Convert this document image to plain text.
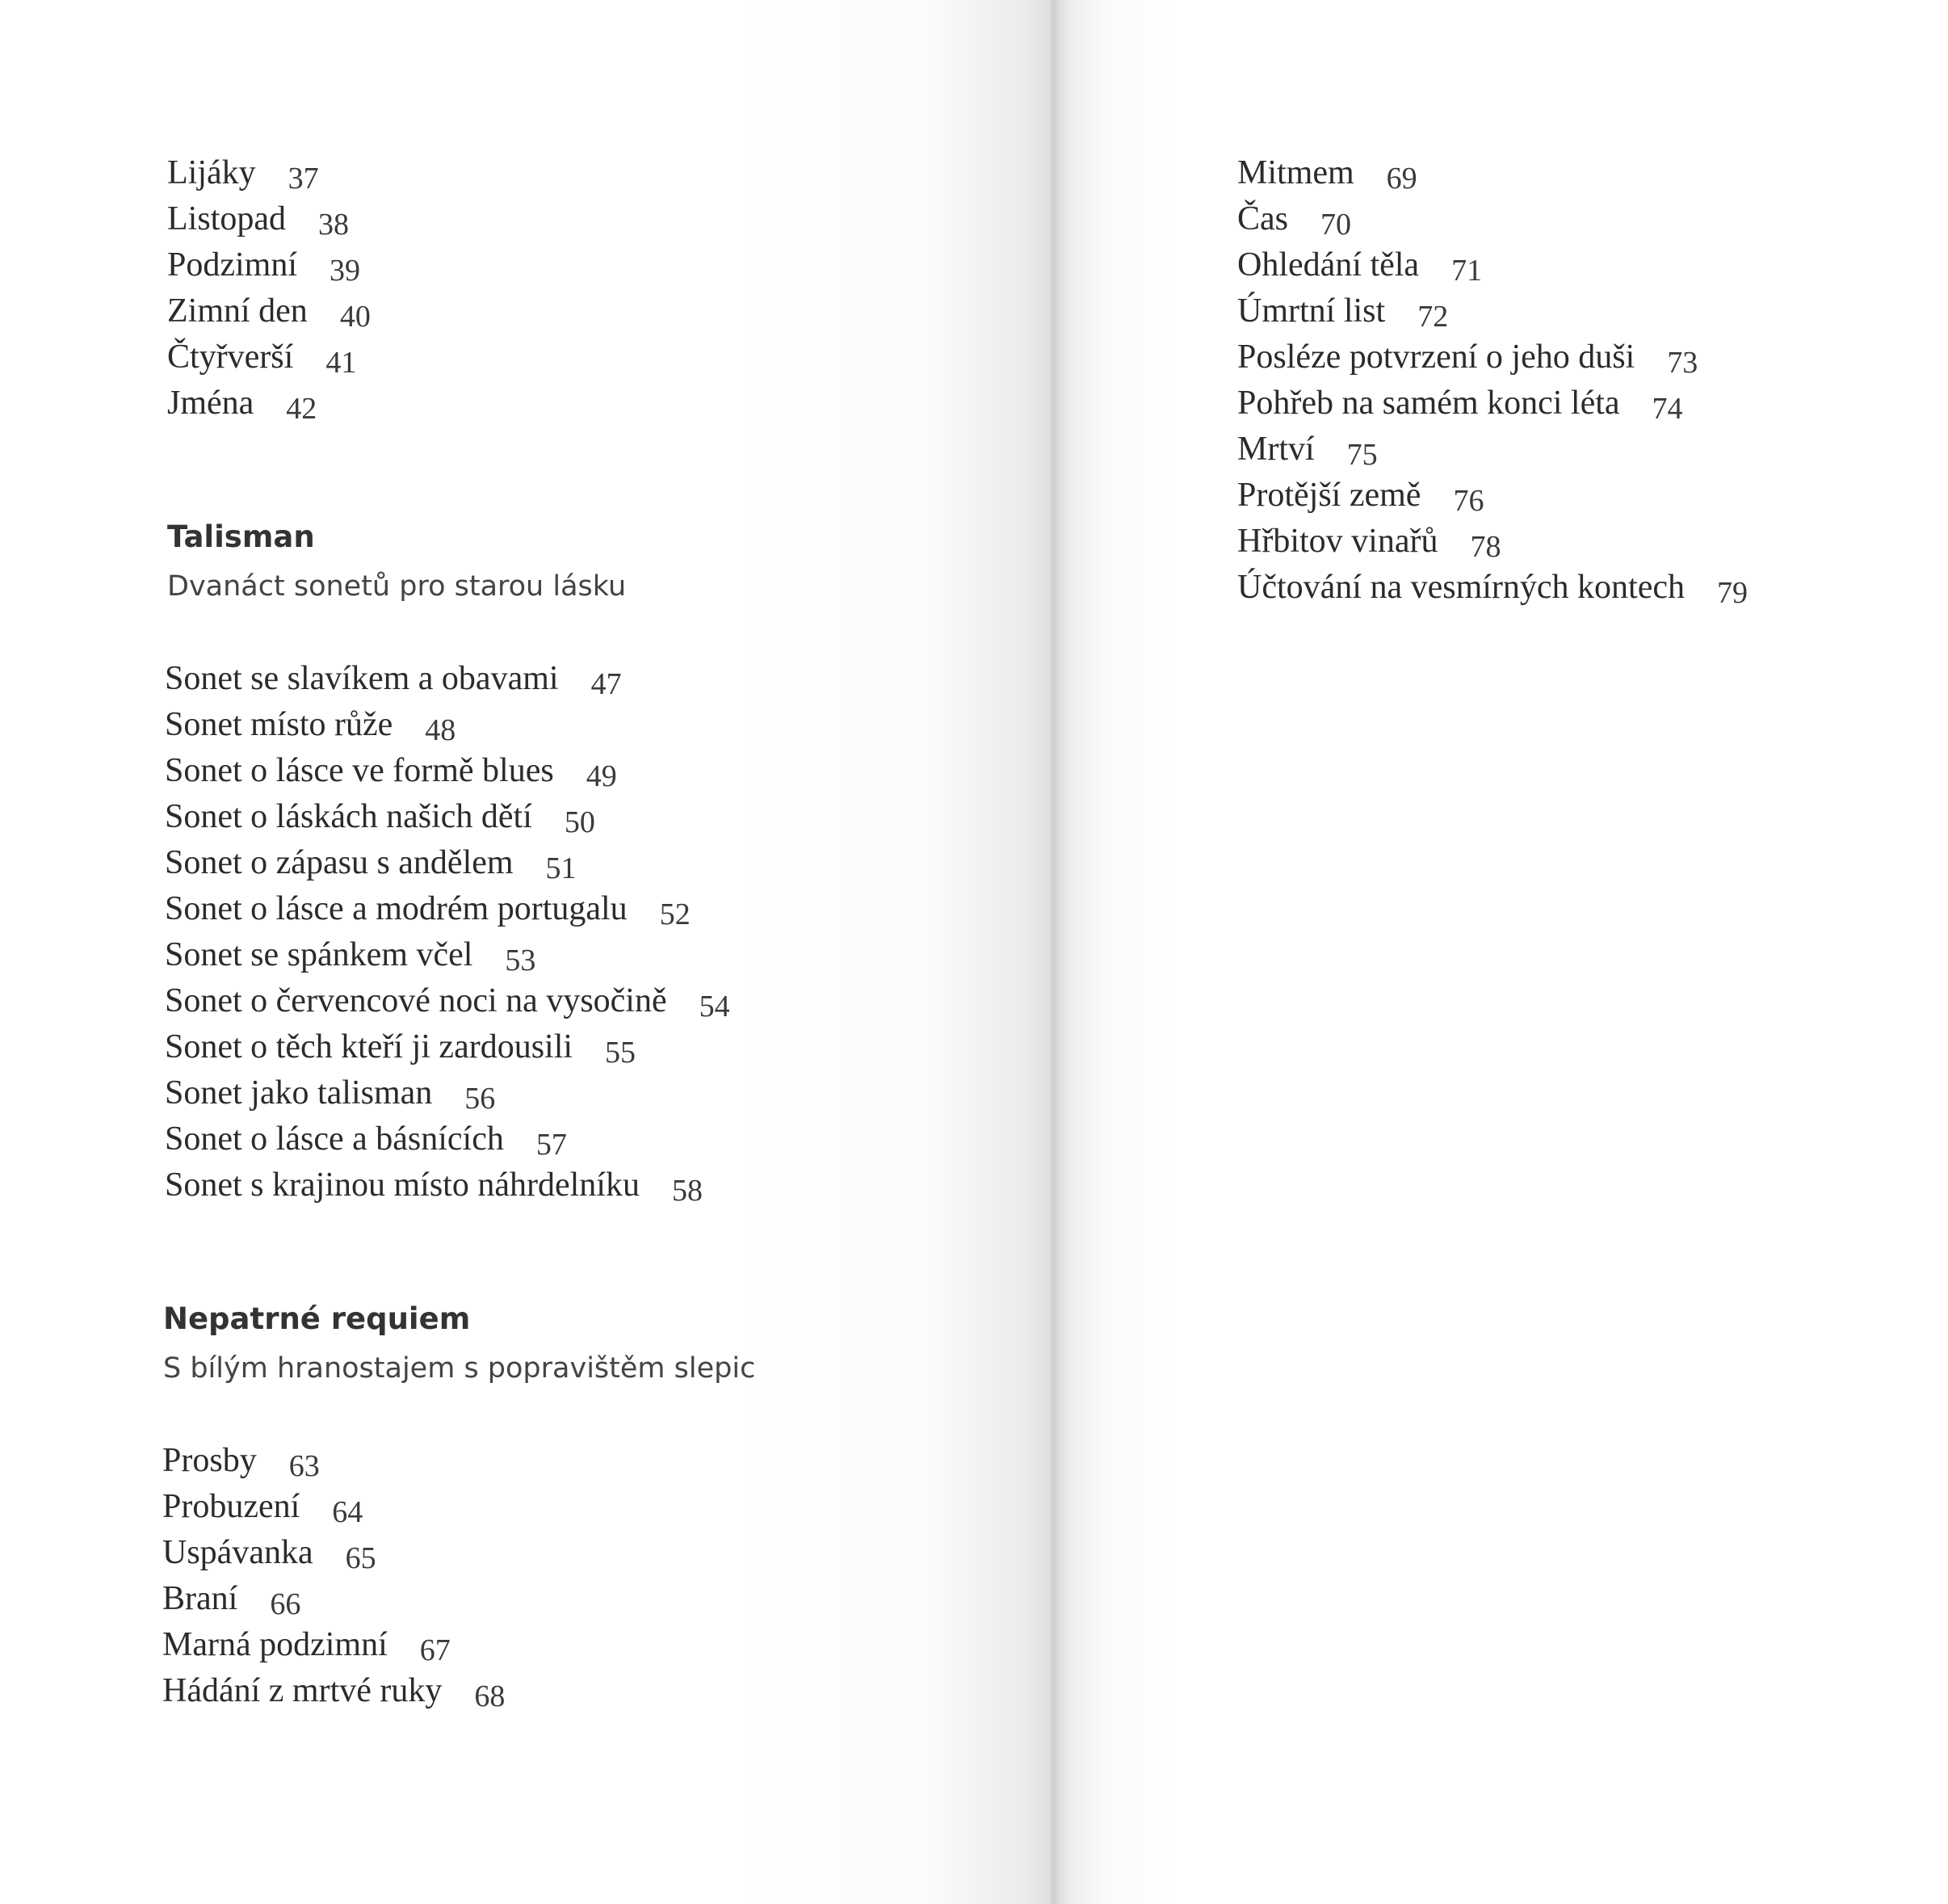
Lijáky 37
Listopad 38
Podzimní 39
Zimní den 40
Čtyřverší 41
Jména 42
Talisman
Dvanáct sonetů pro starou lásku
Sonet se slavíkem a obavami 47
Sonet místo růže 48
Sonet o lásce ve formě blues 49
Sonet o láskách našich dětí 50
Sonet o zápasu s andělem 51
Sonet o lásce a modrém portugalu 52
Sonet se spánkem včel 53
Sonet o červencové noci na vysočině 54
Sonet o těch kteří ji zardousili 55
Sonet jako talisman 56
Sonet o lásce a básnících 57
Sonet s krajinou místo náhrdelníku 58
Nepatrné requiem
S bílým hranostajem s popravištěm slepic
Prosby 63
Probuzení 64
Uspávanka 65
Braní 66
Marná podzimní 67
Hádání z mrtvé ruky 68
Mitmem 69
Čas 70
Ohledání těla 71
Úmrtní list 72
Posléze potvrzení o jeho duši 73
Pohřeb na samém konci léta 74
Mrtví 75
Protější země 76
Hřbitov vinařů 78
Účtování na vesmírných kontech 79
